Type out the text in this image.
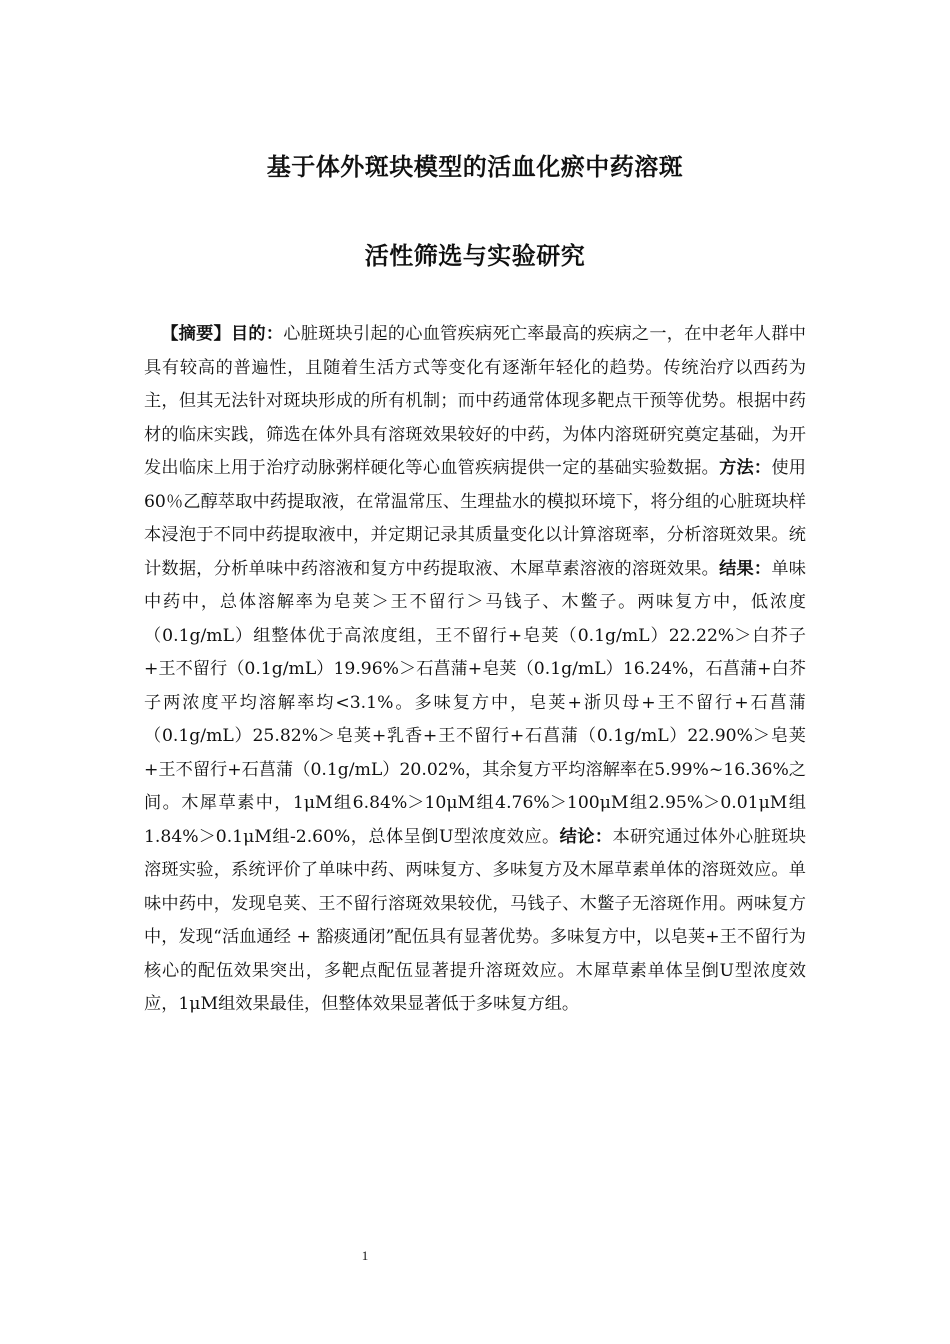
基于体外斑块模型的活血化瘀中药溶斑
活性筛选与实验研究

【摘要】目的：心脏斑块引起的心血管疾病死亡率最高的疾病之一，在中老年人群中具有较高的普遍性，且随着生活方式等变化有逐渐年轻化的趋势。传统治疗以西药为主，但其无法针对斑块形成的所有机制；而中药通常体现多靶点干预等优势。根据中药材的临床实践，筛选在体外具有溶斑效果较好的中药，为体内溶斑研究奠定基础，为开发出临床上用于治疗动脉粥样硬化等心血管疾病提供一定的基础实验数据。方法：使用60％乙醇萃取中药提取液，在常温常压、生理盐水的模拟环境下，将分组的心脏斑块样本浸泡于不同中药提取液中，并定期记录其质量变化以计算溶斑率，分析溶斑效果。统计数据，分析单味中药溶液和复方中药提取液、木犀草素溶液的溶斑效果。结果：单味中药中，总体溶解率为皂荚＞王不留行＞马钱子、木鳖子。两味复方中，低浓度（0.1g/mL）组整体优于高浓度组，王不留行+皂荚（0.1g/mL）22.22%＞白芥子+王不留行（0.1g/mL）19.96%＞石菖蒲+皂荚（0.1g/mL）16.24%，石菖蒲+白芥子两浓度平均溶解率均<3.1%。多味复方中，皂荚+浙贝母+王不留行+石菖蒲（0.1g/mL）25.82%＞皂荚+乳香+王不留行+石菖蒲（0.1g/mL）22.90%＞皂荚+王不留行+石菖蒲（0.1g/mL）20.02%，其余复方平均溶解率在5.99%~16.36%之间。木犀草素中，1μM组6.84%＞10μM组4.76%＞100μM组2.95%＞0.01μM组1.84%＞0.1μM组-2.60%，总体呈倒U型浓度效应。结论：本研究通过体外心脏斑块溶斑实验，系统评价了单味中药、两味复方、多味复方及木犀草素单体的溶斑效应。单味中药中，发现皂荚、王不留行溶斑效果较优，马钱子、木鳖子无溶斑作用。两味复方中，发现“活血通经 + 豁痰通闭”配伍具有显著优势。多味复方中，以皂荚+王不留行为核心的配伍效果突出，多靶点配伍显著提升溶斑效应。木犀草素单体呈倒U型浓度效应，1μM组效果最佳，但整体效果显著低于多味复方组。

1
